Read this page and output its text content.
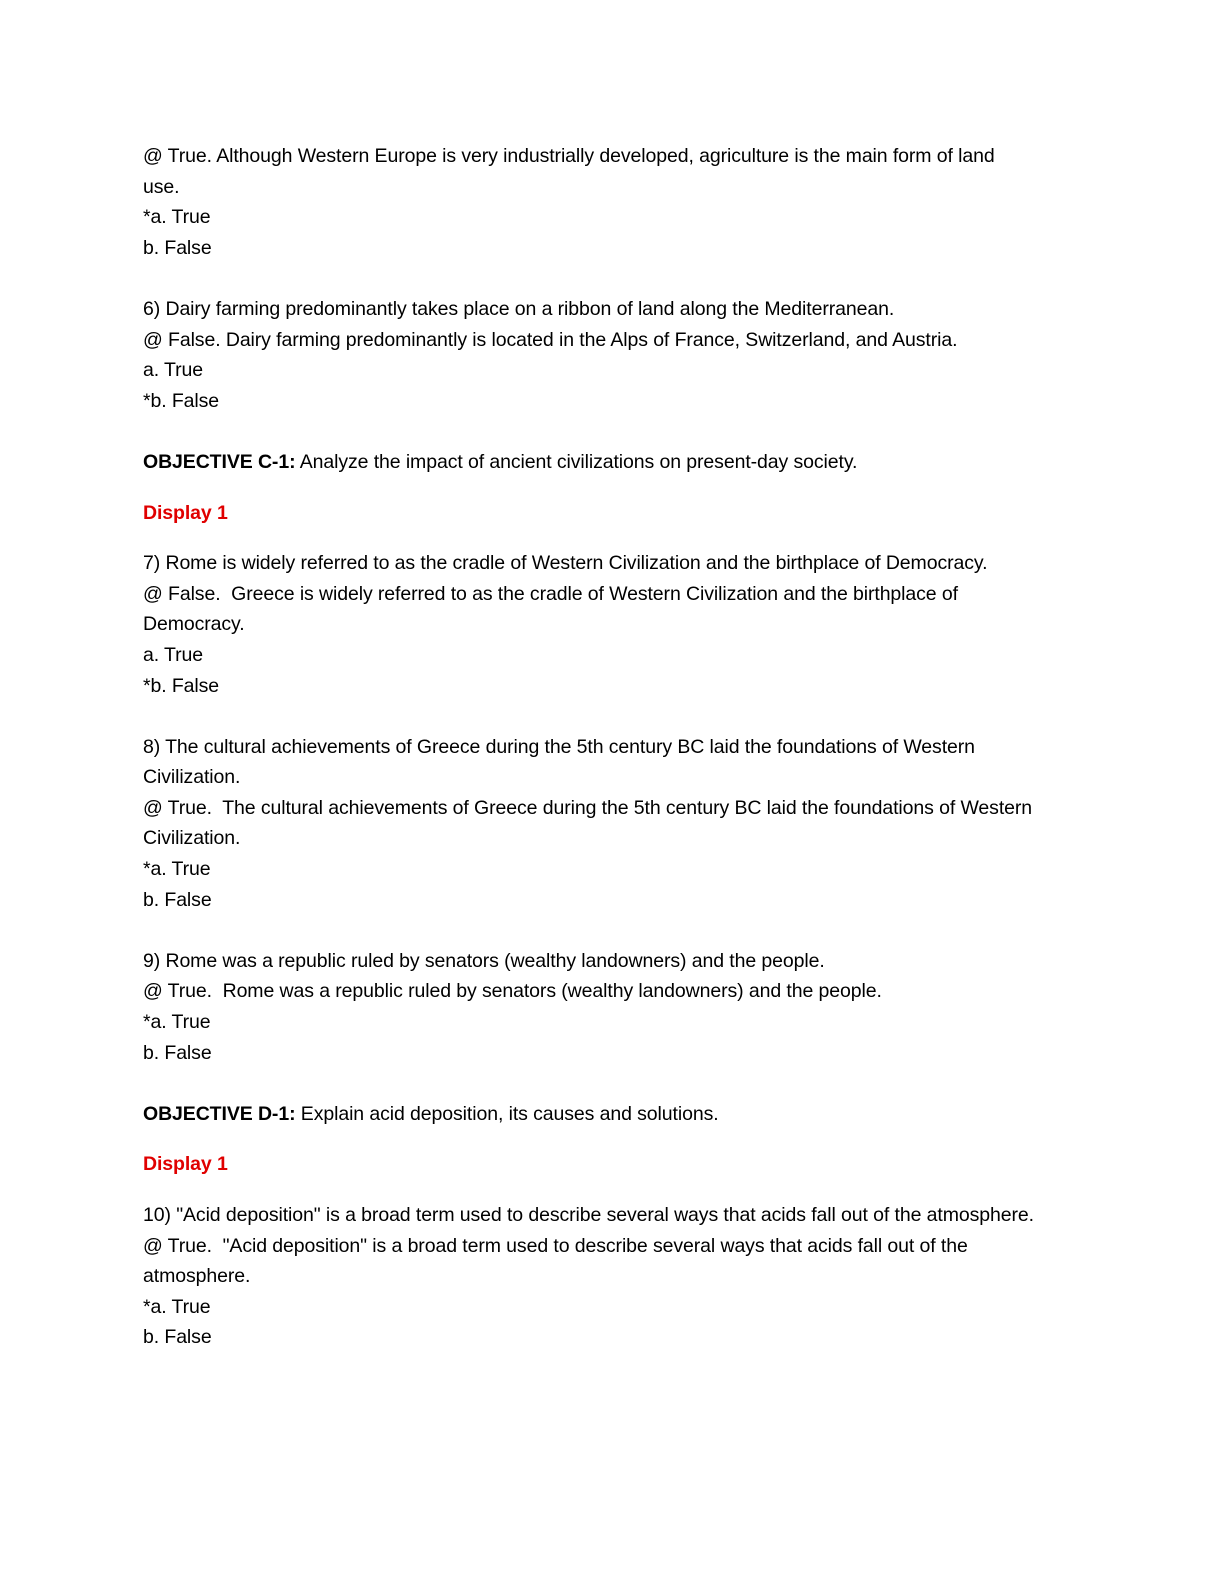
@ True. Although Western Europe is very industrially developed, agriculture is the main form of land
use.
*a. True
b. False
6) Dairy farming predominantly takes place on a ribbon of land along the Mediterranean.
@ False. Dairy farming predominantly is located in the Alps of France, Switzerland, and Austria.
a. True
*b. False
OBJECTIVE C-1: Analyze the impact of ancient civilizations on present-day society.
Display 1
7) Rome is widely referred to as the cradle of Western Civilization and the birthplace of Democracy.
@ False.  Greece is widely referred to as the cradle of Western Civilization and the birthplace of
Democracy.
a. True
*b. False
8) The cultural achievements of Greece during the 5th century BC laid the foundations of Western
Civilization.
@ True.  The cultural achievements of Greece during the 5th century BC laid the foundations of Western
Civilization.
*a. True
b. False
9) Rome was a republic ruled by senators (wealthy landowners) and the people.
@ True.  Rome was a republic ruled by senators (wealthy landowners) and the people.
*a. True
b. False
OBJECTIVE D-1: Explain acid deposition, its causes and solutions.
Display 1
10) "Acid deposition" is a broad term used to describe several ways that acids fall out of the atmosphere.
@ True.  "Acid deposition" is a broad term used to describe several ways that acids fall out of the
atmosphere.
*a. True
b. False
